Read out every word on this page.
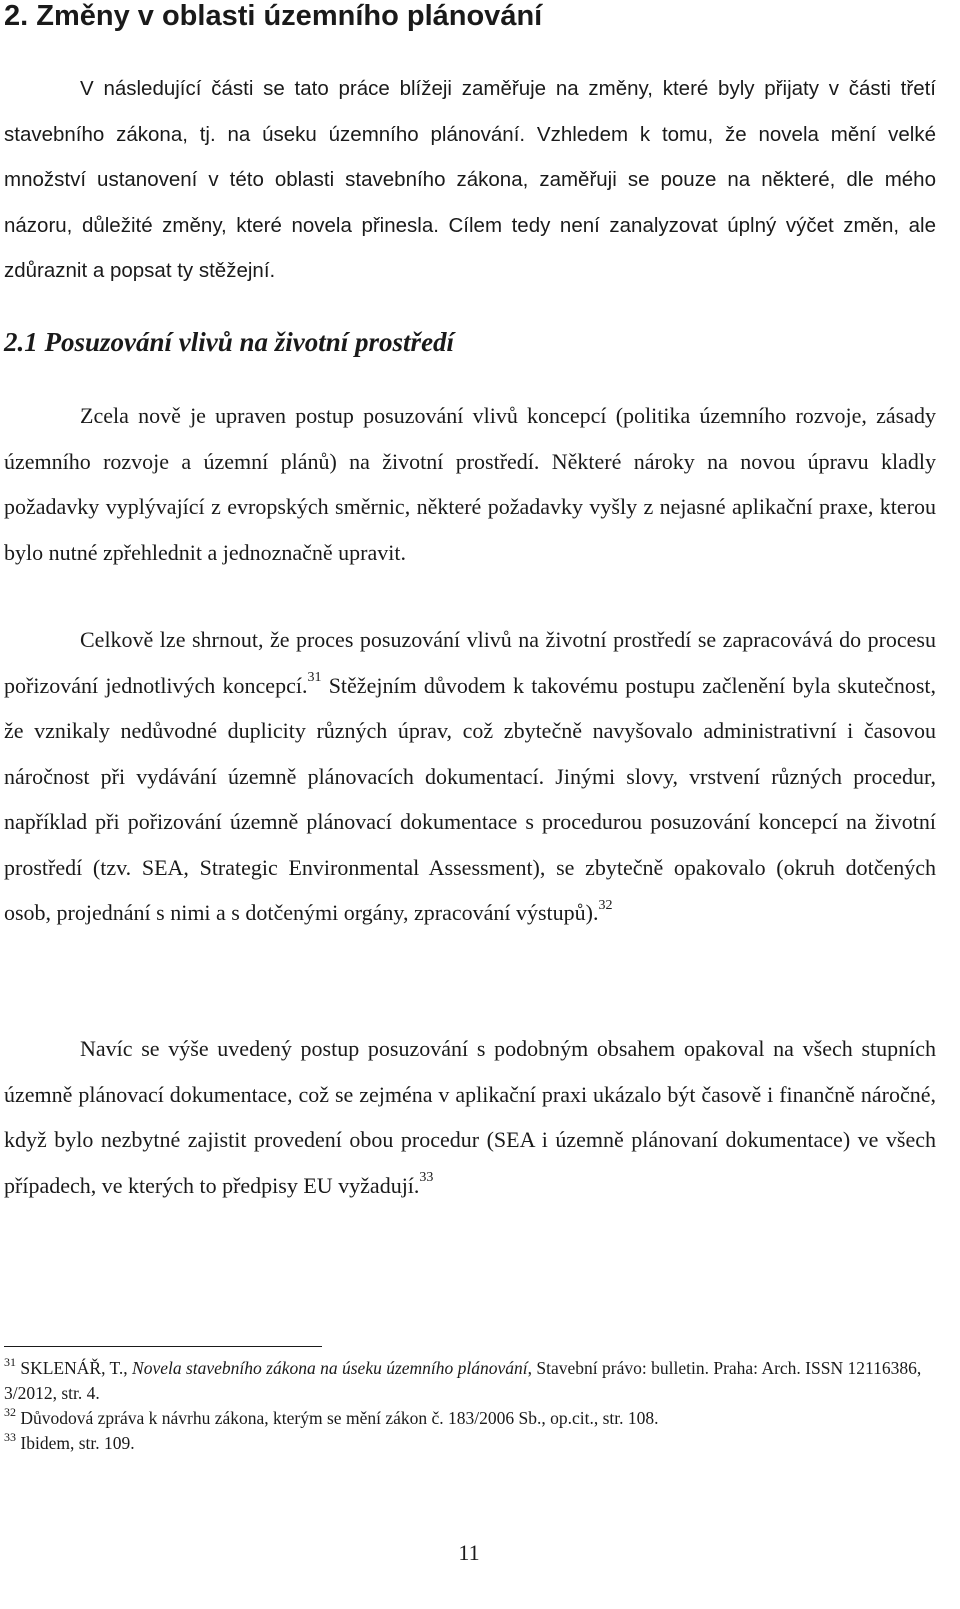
2. Změny v oblasti územního plánování

V následující části se tato práce blížeji zaměřuje na změny, které byly přijaty v části třetí stavebního zákona, tj. na úseku územního plánování. Vzhledem k tomu, že novela mění velké množství ustanovení v této oblasti stavebního zákona, zaměřuji se pouze na některé, dle mého názoru, důležité změny, které novela přinesla. Cílem tedy není zanalyzovat úplný výčet změn, ale zdůraznit a popsat ty stěžejní.

2.1 Posuzování vlivů na životní prostředí

Zcela nově je upraven postup posuzování vlivů koncepcí (politika územního rozvoje, zásady územního rozvoje a územní plánů) na životní prostředí. Některé nároky na novou úpravu kladly požadavky vyplývající z evropských směrnic, některé požadavky vyšly z nejasné aplikační praxe, kterou bylo nutné zpřehlednit a jednoznačně upravit.

Celkově lze shrnout, že proces posuzování vlivů na životní prostředí se zapracovává do procesu pořizování jednotlivých koncepcí.$^{31}$ Stěžejním důvodem k takovému postupu začlenění byla skutečnost, že vznikaly nedůvodné duplicity různých úprav, což zbytečně navyšovalo administrativní i časovou náročnost při vydávání územně plánovacích dokumentací. Jinými slovy, vrstvení různých procedur, například při pořizování územně plánovací dokumentace s procedurou posuzování koncepcí na životní prostředí (tzv. SEA, Strategic Environmental Assessment), se zbytečně opakovalo (okruh dotčených osob, projednání s nimi a s dotčenými orgány, zpracování výstupů).$^{32}$

Navíc se výše uvedený postup posuzování s podobným obsahem opakoval na všech stupních územně plánovací dokumentace, což se zejména v aplikační praxi ukázalo být časově i finančně náročné, když bylo nezbytné zajistit provedení obou procedur (SEA i územně plánovaní dokumentace) ve všech případech, ve kterých to předpisy EU vyžadují.$^{33}$

$^{31}$ SKLENÁŘ, T., Novela stavebního zákona na úseku územního plánování, Stavební právo: bulletin. Praha: Arch. ISSN 12116386, 3/2012, str. 4.

$^{32}$ Důvodová zpráva k návrhu zákona, kterým se mění zákon č. 183/2006 Sb., op.cit., str. 108.

$^{33}$ Ibidem, str. 109.

11
